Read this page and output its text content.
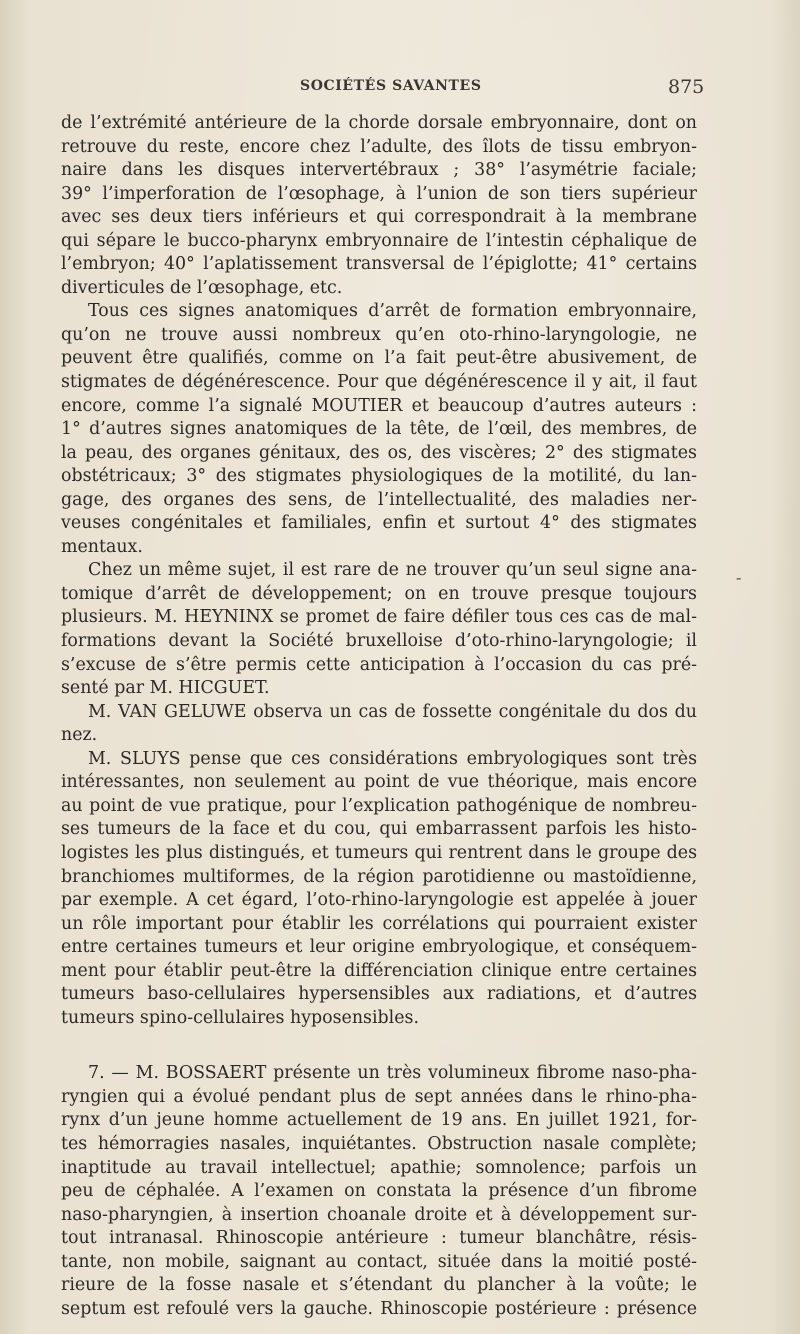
SOCIÉTÉS SAVANTES	875
de l’extrémité antérieure de la chorde dorsale embryonnaire, dont on
retrouve du reste, encore chez l’adulte, des îlots de tissu embryon-
naire dans les disques intervertébraux ; 38° l’asymétrie faciale;
39° l’imperforation de l’œsophage, à l’union de son tiers supérieur
avec ses deux tiers inférieurs et qui correspondrait à la membrane
qui sépare le bucco-pharynx embryonnaire de l’intestin céphalique de
l’embryon; 40° l’aplatissement transversal de l’épiglotte; 41° certains
diverticules de l’œsophage, etc.
Tous ces signes anatomiques d’arrêt de formation embryonnaire,
qu’on ne trouve aussi nombreux qu’en oto-rhino-laryngologie, ne
peuvent être qualifiés, comme on l’a fait peut-être abusivement, de
stigmates de dégénérescence. Pour que dégénérescence il y ait, il faut
encore, comme l’a signalé MOUTIER et beaucoup d’autres auteurs :
1° d’autres signes anatomiques de la tête, de l’œil, des membres, de
la peau, des organes génitaux, des os, des viscères; 2° des stigmates
obstétricaux; 3° des stigmates physiologiques de la motilité, du lan-
gage, des organes des sens, de l’intellectualité, des maladies ner-
veuses congénitales et familiales, enfin et surtout 4° des stigmates
mentaux.
Chez un même sujet, il est rare de ne trouver qu’un seul signe ana-
tomique d’arrêt de développement; on en trouve presque toujours
plusieurs. M. HEYNINX se promet de faire défiler tous ces cas de mal-
formations devant la Société bruxelloise d’oto-rhino-laryngologie; il
s’excuse de s’être permis cette anticipation à l’occasion du cas pré-
senté par M. HICGUET.
M. VAN GELUWE observa un cas de fossette congénitale du dos du
nez.
M. SLUYS pense que ces considérations embryologiques sont très
intéressantes, non seulement au point de vue théorique, mais encore
au point de vue pratique, pour l’explication pathogénique de nombreu-
ses tumeurs de la face et du cou, qui embarrassent parfois les histo-
logistes les plus distingués, et tumeurs qui rentrent dans le groupe des
branchiomes multiformes, de la région parotidienne ou mastoïdienne,
par exemple. A cet égard, l’oto-rhino-laryngologie est appelée à jouer
un rôle important pour établir les corrélations qui pourraient exister
entre certaines tumeurs et leur origine embryologique, et conséquem-
ment pour établir peut-être la différenciation clinique entre certaines
tumeurs baso-cellulaires hypersensibles aux radiations, et d’autres
tumeurs spino-cellulaires hyposensibles.
7. — M. BOSSAERT présente un très volumineux fibrome naso-pha-
ryngien qui a évolué pendant plus de sept années dans le rhino-pha-
rynx d’un jeune homme actuellement de 19 ans. En juillet 1921, for-
tes hémorragies nasales, inquiétantes. Obstruction nasale complète;
inaptitude au travail intellectuel; apathie; somnolence; parfois un
peu de céphalée. A l’examen on constata la présence d’un fibrome
naso-pharyngien, à insertion choanale droite et à développement sur-
tout intranasal. Rhinoscopie antérieure : tumeur blanchâtre, résis-
tante, non mobile, saignant au contact, située dans la moitié posté-
rieure de la fosse nasale et s’étendant du plancher à la voûte; le
septum est refoulé vers la gauche. Rhinoscopie postérieure : présence
-
